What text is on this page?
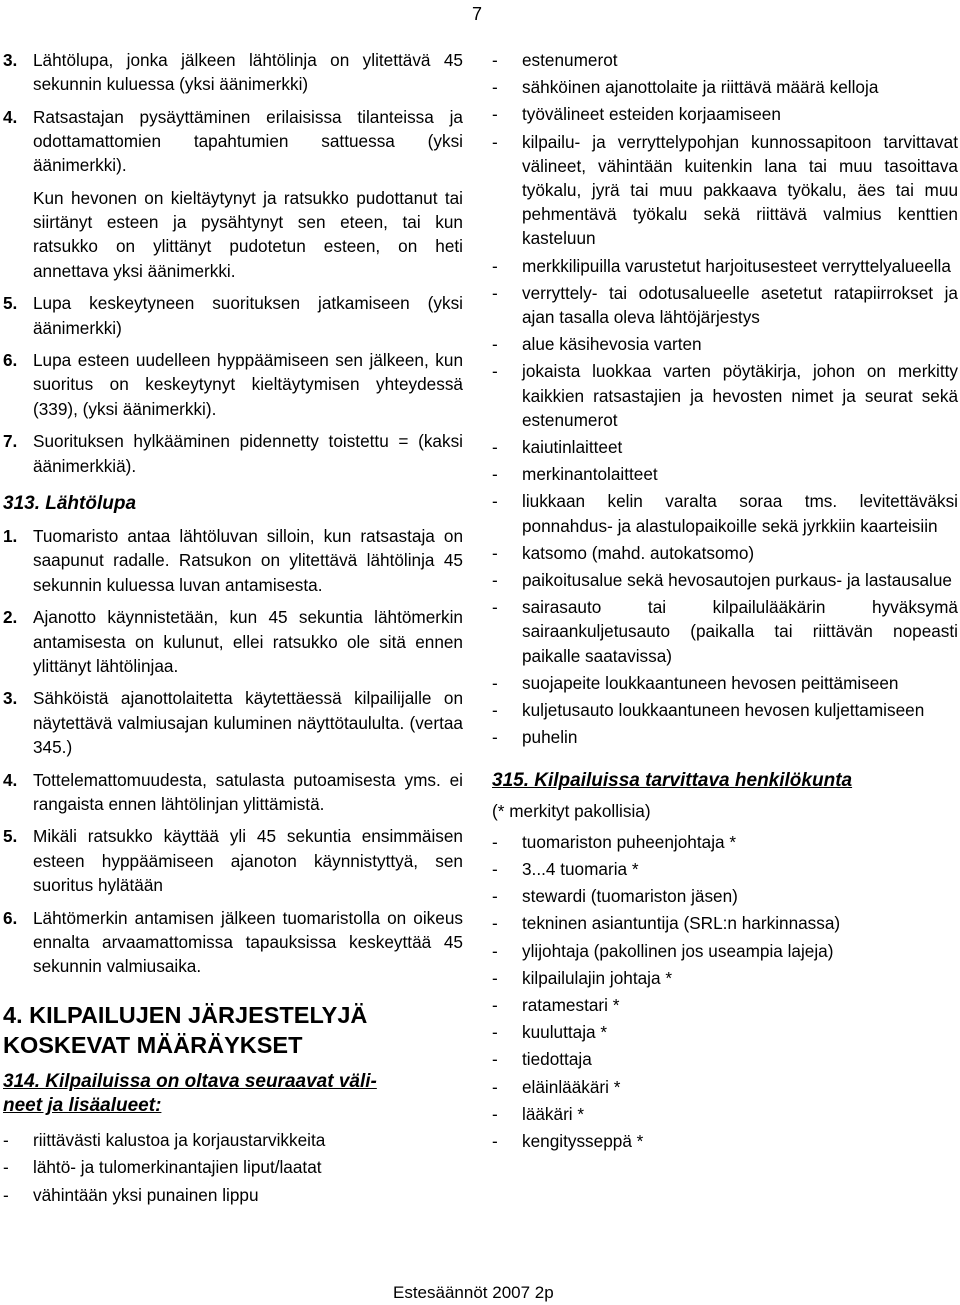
7
3. Lähtölupa, jonka jälkeen lähtölinja on ylitettävä 45 sekunnin kuluessa (yksi äänimerkki)
4. Ratsastajan pysäyttäminen erilaisissa tilanteissa ja odottamattomien tapahtumien sattuessa (yksi äänimerkki).
Kun hevonen on kieltäytynyt ja ratsukko pudottanut tai siirtänyt esteen ja pysähtynyt sen eteen, tai kun ratsukko on ylittänyt pudotetun esteen, on heti annettava yksi äänimerkki.
5. Lupa keskeytyneen suorituksen jatkamiseen (yksi äänimerkki)
6. Lupa esteen uudelleen hyppäämiseen sen jälkeen, kun suoritus on keskeytynyt kieltäytymisen yhteydessä (339), (yksi äänimerkki).
7. Suorituksen hylkääminen pidennetty toistettu = (kaksi äänimerkkiä).
313. Lähtölupa
1. Tuomaristo antaa lähtöluvan silloin, kun ratsastaja on saapunut radalle. Ratsukon on ylitettävä lähtölinja 45 sekunnin kuluessa luvan antamisesta.
2. Ajanotto käynnistetään, kun 45 sekuntia lähtömerkin antamisesta on kulunut, ellei ratsukko ole sitä ennen ylittänyt lähtölinjaa.
3. Sähköistä ajanottolaitetta käytettäessä kilpailijalle on näytettävä valmiusajan kuluminen näyttötaululta. (vertaa 345.)
4. Tottelemattomuudesta, satulasta putoamisesta yms. ei rangaista ennen lähtölinjan ylittämistä.
5. Mikäli ratsukko käyttää yli 45 sekuntia ensimmäisen esteen hyppäämiseen ajanoton käynnistyttyä, sen suoritus hylätään
6. Lähtömerkin antamisen jälkeen tuomaristolla on oikeus ennalta arvaamattomissa tapauksissa keskeyttää 45 sekunnin valmiusaika.
4. KILPAILUJEN JÄRJESTELYJÄ
KOSKEVAT MÄÄRÄYKSET
314. Kilpailuissa on oltava seuraavat väli-
neet ja lisäalueet:
- riittävästi kalustoa ja korjaustarvikkeita
- lähtö- ja tulomerkinantajien liput/laatat
- vähintään yksi punainen lippu
- estenumerot
- sähköinen ajanottolaite ja riittävä määrä kelloja
- työvälineet esteiden korjaamiseen
- kilpailu- ja verryttelypohjan kunnossapitoon tarvittavat välineet, vähintään kuitenkin lana tai muu tasoittava työkalu, jyrä tai muu pakkaava työkalu, äes tai muu pehmentävä työkalu sekä riittävä valmius kenttien kasteluun
- merkkilipuilla varustetut harjoitusesteet verryttelyalueella
- verryttely- tai odotusalueelle asetetut ratapiirrokset ja ajan tasalla oleva lähtöjärjestys
- alue käsihevosia varten
- jokaista luokkaa varten pöytäkirja, johon on merkitty kaikkien ratsastajien ja hevosten nimet ja seurat sekä estenumerot
- kaiutinlaitteet
- merkinantolaitteet
- liukkaan kelin varalta soraa tms. levitettäväksi ponnahdus- ja alastulopaikoille sekä jyrkkiin kaarteisiin
- katsomo (mahd. autokatsomo)
- paikoitusalue sekä hevosautojen purkaus- ja lastausalue
- sairasauto tai kilpailulääkärin hyväksymä sairaankuljetusauto (paikalla tai riittävän nopeasti paikalle saatavissa)
- suojapeite loukkaantuneen hevosen peittämiseen
- kuljetusauto loukkaantuneen hevosen kuljettamiseen
- puhelin
315. Kilpailuissa tarvittava henkilökunta
(* merkityt pakollisia)
- tuomariston puheenjohtaja *
- 3...4 tuomaria *
- stewardi (tuomariston jäsen)
- tekninen asiantuntija (SRL:n harkinnassa)
- ylijohtaja (pakollinen jos useampia lajeja)
- kilpailulajin johtaja *
- ratamestari *
- kuuluttaja *
- tiedottaja
- eläinlääkäri *
- lääkäri *
- kengitysseppä *
Estesäännöt 2007 2p
